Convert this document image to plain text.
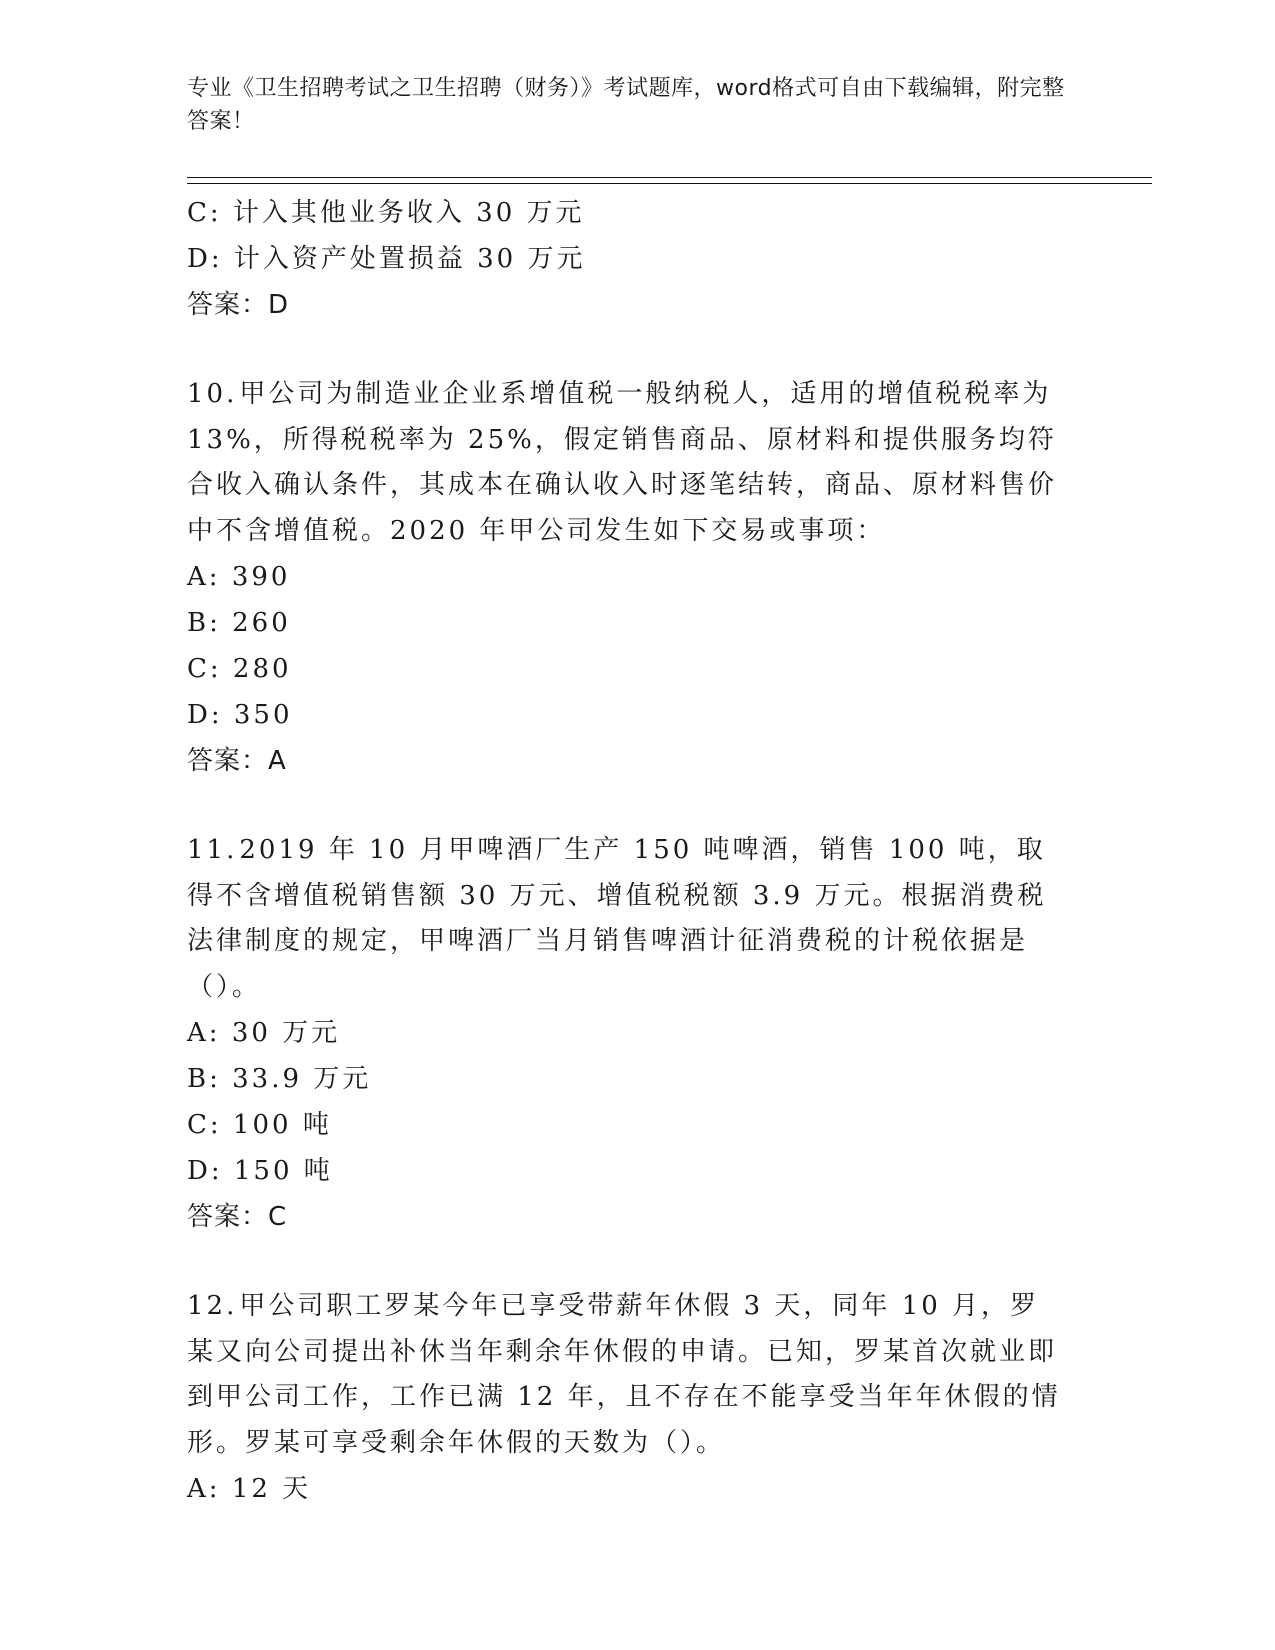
专业《卫生招聘考试之卫生招聘（财务）》考试题库，word格式可自由下载编辑，附完整答案！
C: 计入其他业务收入 30 万元
D: 计入资产处置损益 30 万元
答案：D
10.甲公司为制造业企业系增值税一般纳税人，适用的增值税税率为 13%，所得税税率为 25%，假定销售商品、原材料和提供服务均符合收入确认条件，其成本在确认收入时逐笔结转，商品、原材料售价中不含增值税。2020 年甲公司发生如下交易或事项：
A: 390
B: 260
C: 280
D: 350
答案：A
11.2019 年 10 月甲啤酒厂生产 150 吨啤酒，销售 100 吨，取得不含增值税销售额 30 万元、增值税税额 3.9 万元。根据消费税法律制度的规定，甲啤酒厂当月销售啤酒计征消费税的计税依据是（）。
A: 30 万元
B: 33.9 万元
C: 100 吨
D: 150 吨
答案：C
12.甲公司职工罗某今年已享受带薪年休假 3 天，同年 10 月，罗某又向公司提出补休当年剩余年休假的申请。已知，罗某首次就业即到甲公司工作，工作已满 12 年，且不存在不能享受当年年休假的情形。罗某可享受剩余年休假的天数为（）。
A: 12 天
